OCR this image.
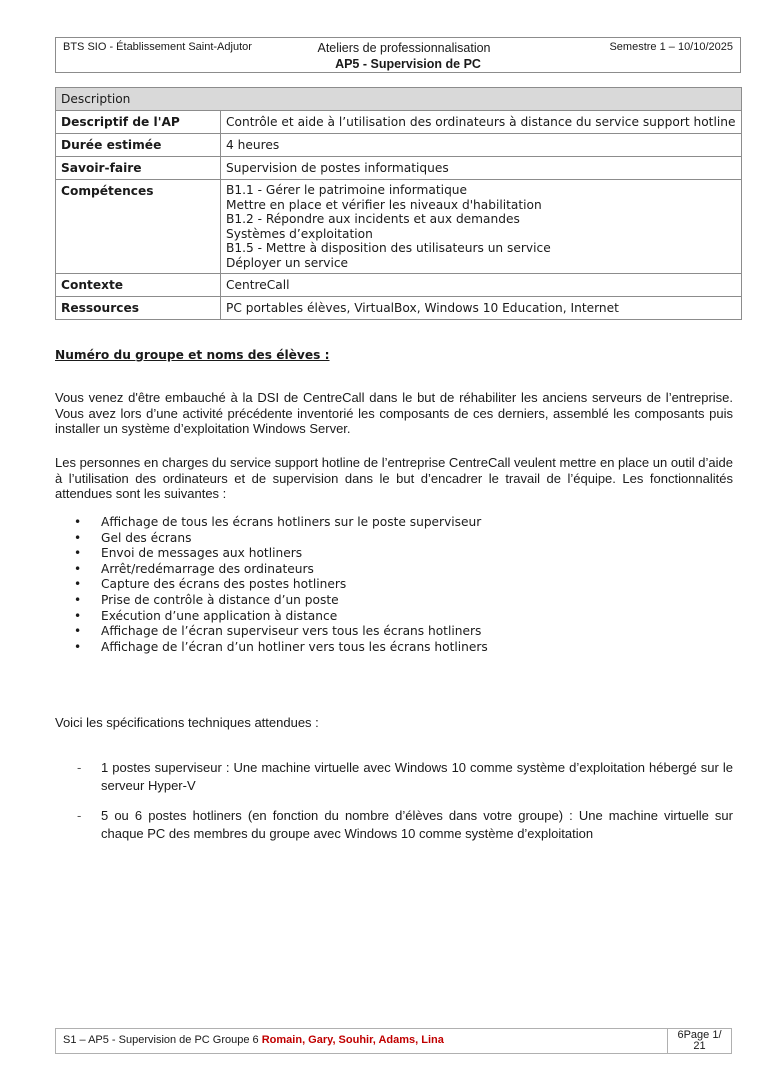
BTS SIO - Établissement Saint-Adjutor	Semestre 1 – 10/10/2025
Ateliers de professionnalisation
AP5 - Supervision de PC
Description	
Descriptif de l'AP	Contrôle et aide à l’utilisation des ordinateurs à distance du service support hotline
Durée estimée	4 heures
Savoir-faire	Supervision de postes informatiques
Compétences	B1.1 - Gérer le patrimoine informatique
Mettre en place et vérifier les niveaux d'habilitation
B1.2 - Répondre aux incidents et aux demandes
Systèmes d’exploitation
B1.5 - Mettre à disposition des utilisateurs un service
Déployer un service

Contexte	CentreCall
Ressources	PC portables élèves, VirtualBox, Windows 10 Education, Internet
Numéro du groupe et noms des élèves :

Vous venez d'être embauché à la DSI de CentreCall dans le but de réhabiliter les anciens serveurs de l’entreprise. Vous avez lors d’une activité précédente inventorié les composants de ces derniers, assemblé les composants puis installer un système d’exploitation Windows Server.

Les personnes en charges du service support hotline de l’entreprise CentreCall veulent mettre en place un outil d’aide à l’utilisation des ordinateurs et de supervision dans le but d’encadrer le travail de l’équipe. Les fonctionnalités attendues sont les suivantes :

• Affichage de tous les écrans hotliners sur le poste superviseur
• Gel des écrans
• Envoi de messages aux hotliners
• Arrêt/redémarrage des ordinateurs
• Capture des écrans des postes hotliners
• Prise de contrôle à distance d’un poste
• Exécution d’une application à distance
• Affichage de l’écran superviseur vers tous les écrans hotliners
• Affichage de l’écran d’un hotliner vers tous les écrans hotliners

Voici les spécifications techniques attendues :

- 1 postes superviseur : Une machine virtuelle avec Windows 10 comme système d’exploitation hébergé sur le serveur Hyper-V
- 5 ou 6 postes hotliners (en fonction du nombre d’élèves dans votre groupe) : Une machine virtuelle sur chaque PC des membres du groupe avec Windows 10 comme système d’exploitation
S1 – AP5 - Supervision de PC Groupe 6 Romain, Gary, Souhir, Adams, Lina	6Page 1/
21
